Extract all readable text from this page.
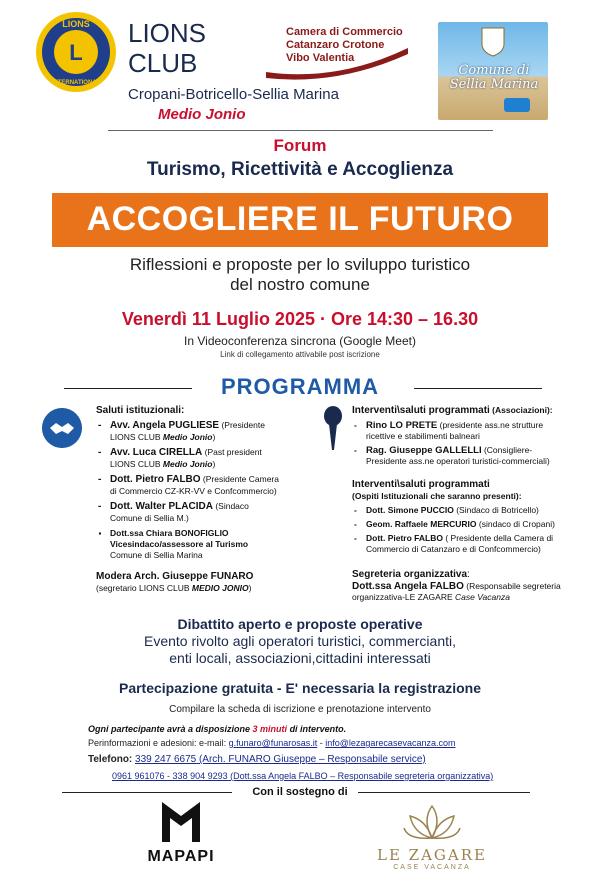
LIONS
INTERNATIONAL
L
LIONS
CLUB
Cropani-Botricello-Sellia Marina
Medio Jonio
Camera di Commercio
Catanzaro Crotone
Vibo Valentia
Comune di
Sellia Marina
Forum
Turismo, Ricettività e Accoglienza
ACCOGLIERE IL FUTURO
Riflessioni e proposte per lo sviluppo turistico
del nostro comune
Venerdì 11 Luglio 2025 · Ore 14:30 – 16.30
In Videoconferenza sincrona (Google Meet)
Link di collegamento attivabile post iscrizione
PROGRAMMA
Saluti istituzionali:
- Avv. Angela PUGLIESE (Presidente
LIONS CLUB Medio Jonio)
- Avv. Luca CIRELLA (Past president
LIONS CLUB Medio Jonio)
- Dott. Pietro FALBO (Presidente Camera
di Commercio CZ-KR-VV e Confcommercio)
- Dott. Walter PLACIDA (Sindaco
Comune di Sellia M.)
· Dott.ssa Chiara BONOFIGLIO
Vicesindaco/assessore al Turismo
Comune di Sellia Marina
Modera Arch. Giuseppe FUNARO
(segretario LIONS CLUB MEDIO JONIO)
Interventi\saluti programmati (Associazioni):
- Rino LO PRETE (presidente ass.ne strutture ricettive e stabilimenti balneari
- Rag. Giuseppe GALLELLI (Consigliere- Presidente ass.ne operatori turistici-commerciali)
Interventi\saluti programmati
(Ospiti Istituzionali che saranno presenti):
- Dott. Simone PUCCIO (Sindaco di Botricello)
- Geom. Raffaele MERCURIO (sindaco di Cropani)
- Dott. Pietro FALBO ( Presidente della Camera di Commercio di Catanzaro e di Confcommercio)
Segreteria organizzativa:
Dott.ssa Angela FALBO (Responsabile segreteria organizzativa-LE ZAGARE Case Vacanza
Dibattito aperto e proposte operative
Evento rivolto agli operatori turistici, commercianti,
enti locali, associazioni,cittadini interessati
Partecipazione gratuita - E' necessaria la registrazione
Compilare la scheda di iscrizione e prenotazione intervento
Ogni partecipante avrà a disposizione 3 minuti di intervento.
Perinformazioni e adesioni: e-mail: g.funaro@funarosas.it - info@lezagarecasevacanza.com
Telefono: 339 247 6675 (Arch. FUNARO Giuseppe – Responsabile service)
0961 961076 - 338 904 9293 (Dott.ssa Angela FALBO – Responsabile segreteria organizzativa)
Con il sostegno di
MAPAPI	LE ZAGARE
CASE VACANZA
